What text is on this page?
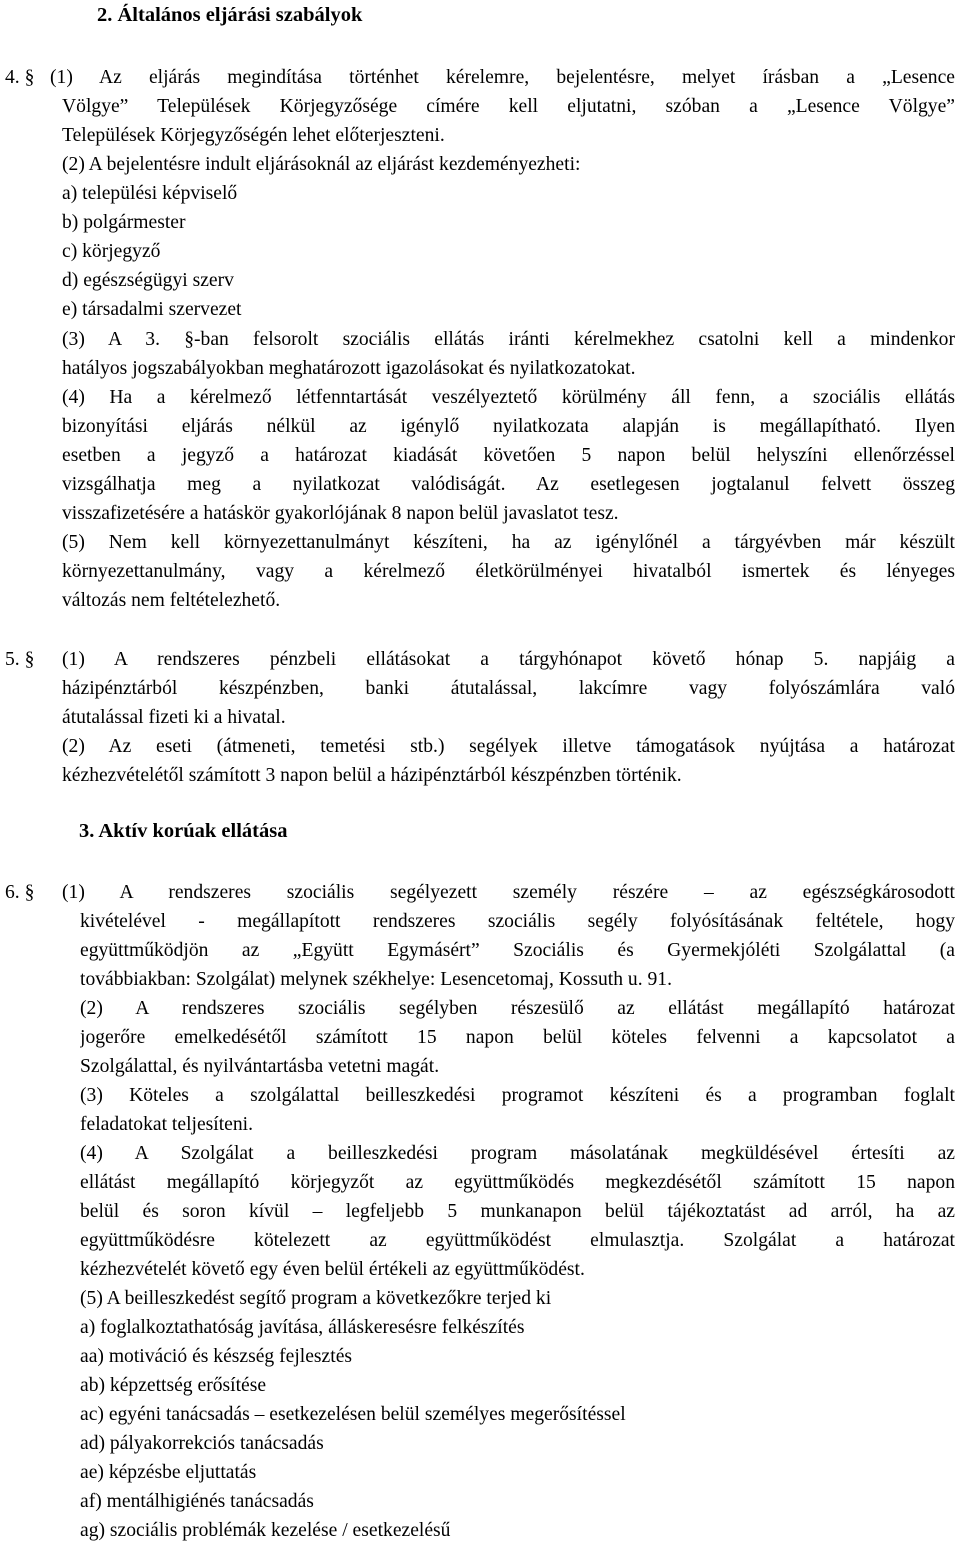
2. Általános eljárási szabályok
4. § (1) Az eljárás megindítása történhet kérelemre, bejelentésre, melyet írásban a „Lesence
Völgye” Települések Körjegyzősége címére kell eljutatni, szóban a „Lesence Völgye”
Települések Körjegyzőségén lehet előterjeszteni.
(2) A bejelentésre indult eljárásoknál az eljárást kezdeményezheti:
a) települési képviselő
b) polgármester
c) körjegyző
d) egészségügyi szerv
e) társadalmi szervezet
(3) A 3. §-ban felsorolt szociális ellátás iránti kérelmekhez csatolni kell a mindenkor
hatályos jogszabályokban meghatározott igazolásokat és nyilatkozatokat.
(4) Ha a kérelmező létfenntartását veszélyeztető körülmény áll fenn, a szociális ellátás
bizonyítási eljárás nélkül az igénylő nyilatkozata alapján is megállapítható. Ilyen
esetben a jegyző a határozat kiadását követően 5 napon belül helyszíni ellenőrzéssel
vizsgálhatja meg a nyilatkozat valódiságát. Az esetlegesen jogtalanul felvett összeg
visszafizetésére a hatáskör gyakorlójának 8 napon belül javaslatot tesz.
(5) Nem kell környezettanulmányt készíteni, ha az igénylőnél a tárgyévben már készült
környezettanulmány, vagy a kérelmező életkörülményei hivatalból ismertek és lényeges
változás nem feltételezhető.
5. § (1) A rendszeres pénzbeli ellátásokat a tárgyhónapot követő hónap 5. napjáig a
házipénztárból készpénzben, banki átutalással, lakcímre vagy folyószámlára való
átutalással fizeti ki a hivatal.
(2) Az eseti (átmeneti, temetési stb.) segélyek illetve támogatások nyújtása a határozat
kézhezvételétől számított 3 napon belül a házipénztárból készpénzben történik.
3. Aktív korúak ellátása
6. § (1) A rendszeres szociális segélyezett személy részére – az egészségkárosodott
kivételével - megállapított rendszeres szociális segély folyósításának feltétele, hogy
együttműködjön az „Együtt Egymásért” Szociális és Gyermekjóléti Szolgálattal (a
továbbiakban: Szolgálat) melynek székhelye: Lesencetomaj, Kossuth u. 91.
(2) A rendszeres szociális segélyben részesülő az ellátást megállapító határozat
jogerőre emelkedésétől számított 15 napon belül köteles felvenni a kapcsolatot a
Szolgálattal, és nyilvántartásba vetetni magát.
(3) Köteles a szolgálattal beilleszkedési programot készíteni és a programban foglalt
feladatokat teljesíteni.
(4) A Szolgálat a beilleszkedési program másolatának megküldésével értesíti az
ellátást megállapító körjegyzőt az együttműködés megkezdésétől számított 15 napon
belül és soron kívül – legfeljebb 5 munkanapon belül tájékoztatást ad arról, ha az
együttműködésre kötelezett az együttműködést elmulasztja. Szolgálat a határozat
kézhezvételét követő egy éven belül értékeli az együttműködést.
(5) A beilleszkedést segítő program a következőkre terjed ki
a) foglalkoztathatóság javítása, álláskeresésre felkészítés
aa) motiváció és készség fejlesztés
ab) képzettség erősítése
ac) egyéni tanácsadás – esetkezelésen belül személyes megerősítéssel
ad) pályakorrekciós tanácsadás
ae) képzésbe eljuttatás
af) mentálhigiénés tanácsadás
ag) szociális problémák kezelése / esetkezelésű
